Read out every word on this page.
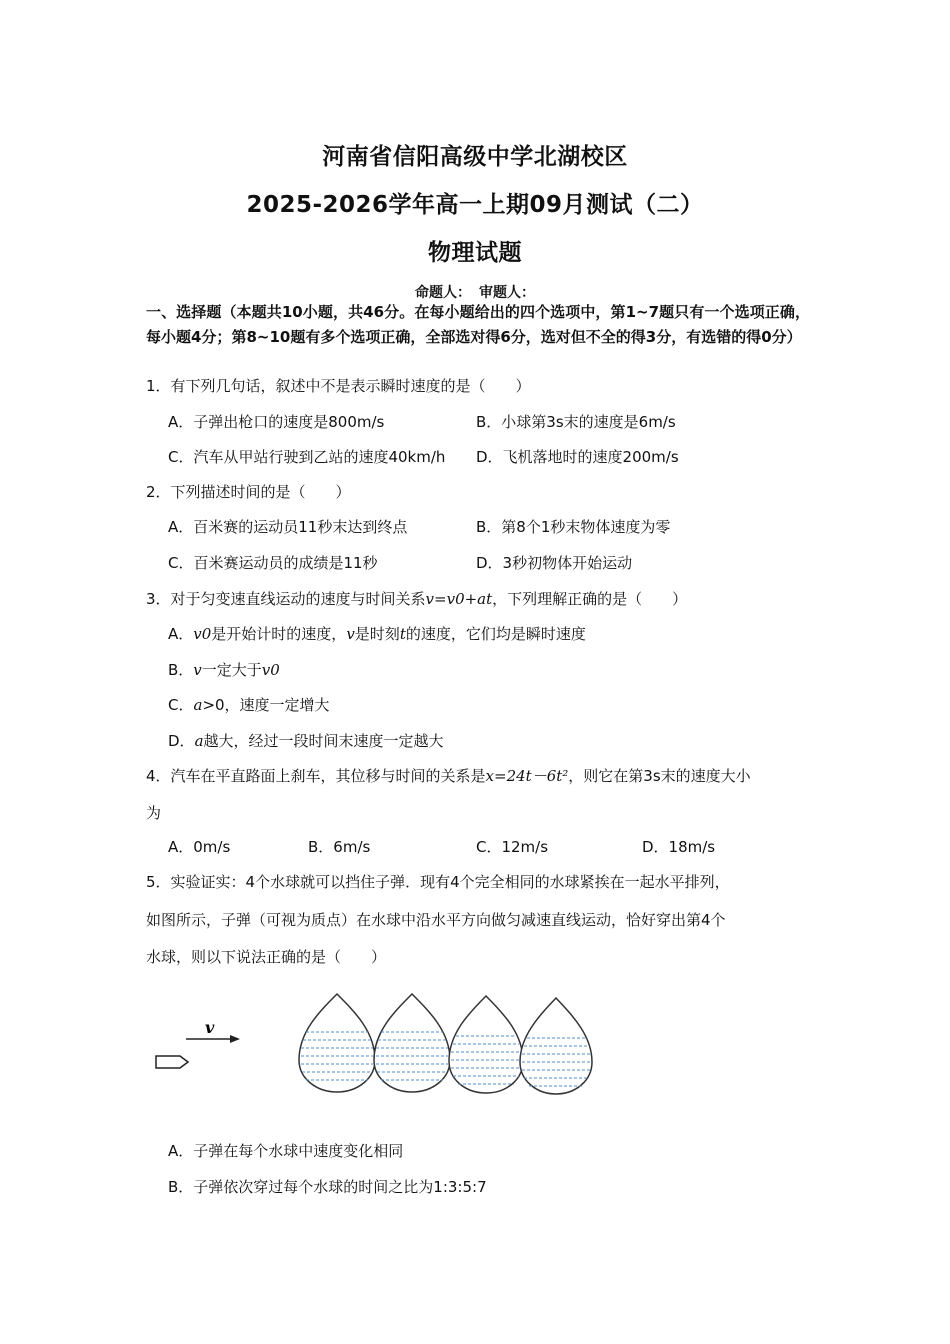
河南省信阳高级中学北湖校区
2025-2026学年高一上期09月测试（二）
物理试题
命题人： 审题人：
一、选择题（本题共10小题，共46分。在每小题给出的四个选项中，第1~7题只有一个选项正确，每小题4分；第8~10题有多个选项正确，全部选对得6分，选对但不全的得3分，有选错的得0分）
1．有下列几句话，叙述中不是表示瞬时速度的是（　　）
A．子弹出枪口的速度是800m/s	B．小球第3s末的速度是6m/s
C．汽车从甲站行驶到乙站的速度40km/h D．飞机落地时的速度200m/s
2．下列描述时间的是（　　）
A．百米赛的运动员11秒末达到终点	B．第8个1秒末物体速度为零
C．百米赛运动员的成绩是11秒	D．3秒初物体开始运动
3．对于匀变速直线运动的速度与时间关系v=v0+at，下列理解正确的是（　　）
A．v0是开始计时的速度，v是时刻t的速度，它们均是瞬时速度
B．v一定大于v0
C．a>0，速度一定增大
D．a越大，经过一段时间末速度一定越大
4．汽车在平直路面上刹车，其位移与时间的关系是x=24t－6t²，则它在第3s末的速度大小
为
A．0m/s	B．6m/s	C．12m/s	D．18m/s
5．实验证实：4个水球就可以挡住子弹．现有4个完全相同的水球紧挨在一起水平排列，
如图所示，子弹（可视为质点）在水球中沿水平方向做匀减速直线运动，恰好穿出第4个
水球，则以下说法正确的是（　　）
v
A．子弹在每个水球中速度变化相同
B．子弹依次穿过每个水球的时间之比为1:3:5:7
